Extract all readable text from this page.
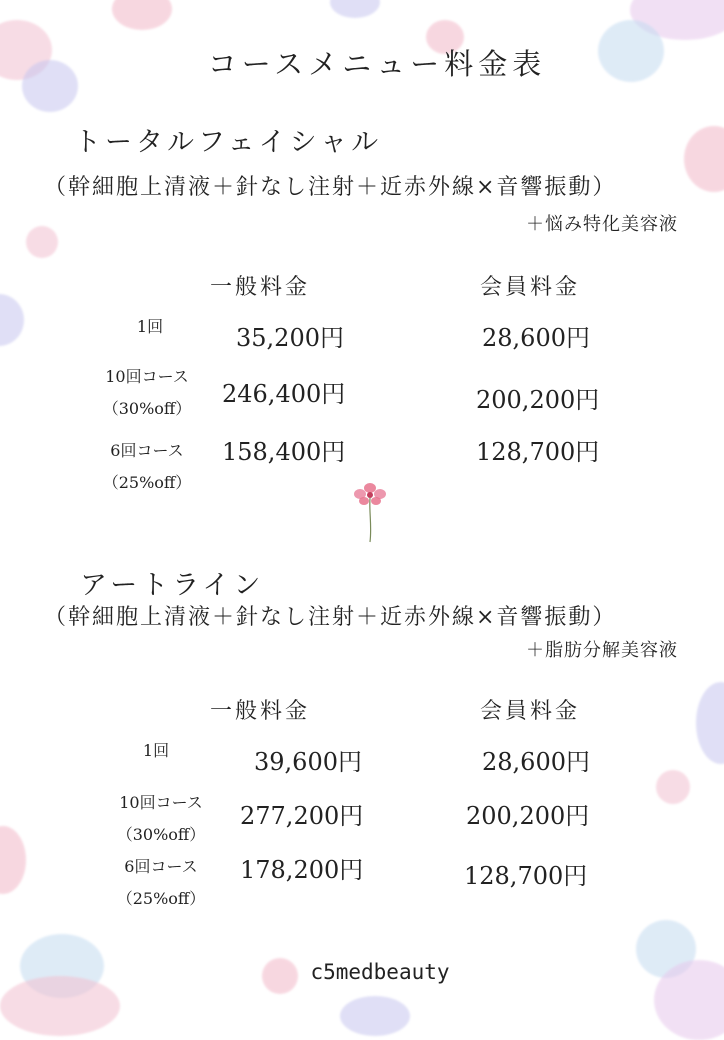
コースメニュー料金表
トータルフェイシャル
（幹細胞上清液＋針なし注射＋近赤外線×音響振動）
＋悩み特化美容液
一般料金	会員料金
1回	35,200円	28,600円
10回コース
（30%off）
246,400円	200,200円
6回コース
（25%off）
158,400円	128,700円
アートライン
（幹細胞上清液＋針なし注射＋近赤外線×音響振動）
＋脂肪分解美容液
一般料金	会員料金
1回	39,600円	28,600円
10回コース
（30%off）
277,200円	200,200円
6回コース
（25%off）
178,200円	128,700円
c5medbeauty
